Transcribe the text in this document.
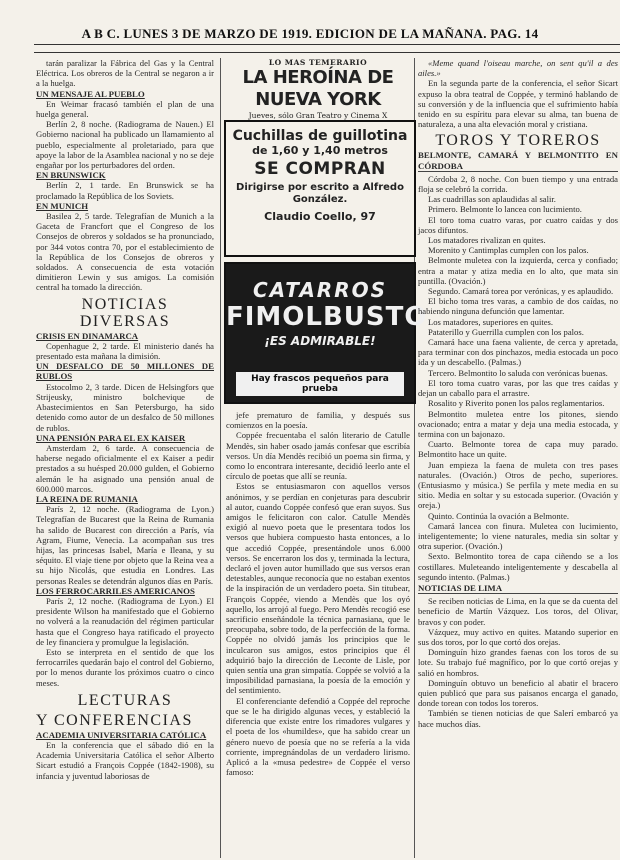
A B C. LUNES 3 DE MARZO DE 1919. EDICION DE LA MAÑANA. PAG. 14

tarán paralizar la Fábrica del Gas y la Central Eléctrica. Los obreros de la Central se negaron a ir a la huelga.

UN MENSAJE AL PUEBLO

En Weimar fracasó también el plan de una huelga general.

Berlín 2, 8 noche. (Radiograma de Nauen.) El Gobierno nacional ha publicado un llamamiento al pueblo, especialmente al proletariado, para que apoye la labor de la Asamblea nacional y no se deje engañar por los perturbadores del orden.

EN BRUNSWICK

Berlín 2, 1 tarde. En Brunswick se ha proclamado la República de los Soviets.

EN MUNICH

Basilea 2, 5 tarde. Telegrafían de Munich a la Gaceta de Francfort que el Congreso de los Consejos de obreros y soldados se ha pronunciado, por 344 votos contra 70, por el establecimiento de la República de los Consejos de obreros y soldados. A consecuencia de esta votación dimitieron Lewin y sus amigos. La comisión central ha tomado la dirección.

NOTICIAS DIVERSAS

CRISIS EN DINAMARCA

Copenhague 2, 2 tarde. El ministerio danés ha presentado esta mañana la dimisión.

UN DESFALCO DE 50 MILLONES DE RUBLOS

Estocolmo 2, 3 tarde. Dicen de Helsingfors que Strijeusky, ministro bolchevique de Abastecimientos en San Petersburgo, ha sido detenido como autor de un desfalco de 50 millones de rublos.

UNA PENSIÓN PARA EL EX KAISER

Amsterdam 2, 6 tarde. A consecuencia de haberse negado oficialmente el ex Kaiser a pedir prestados a su huésped 20.000 gulden, el Gobierno alemán le ha asignado una pensión anual de 600.000 marcos.

LA REINA DE RUMANIA

París 2, 12 noche. (Radiograma de Lyon.) Telegrafían de Bucarest que la Reina de Rumania ha salido de Bucarest con dirección a París, vía Agram, Fiume, Venecia. La acompañan sus tres hijas, las princesas Isabel, María e Ileana, y su séquito. El viaje tiene por objeto que la Reina vea a su hijo Nicolás, que estudia en Londres. Las personas Reales se detendrán algunos días en París.

LOS FERROCARRILES AMERICANOS

París 2, 12 noche. (Radiograma de Lyon.) El presidente Wilson ha manifestado que el Gobierno no volverá a la reanudación del régimen particular hasta que el Congreso haya ratificado el proyecto de ley financiera y promulgue la legislación.

Esto se interpreta en el sentido de que los ferrocarriles quedarán bajo el control del Gobierno, por lo menos durante los próximos cuatro o cinco meses.

LECTURAS
Y CONFERENCIAS

ACADEMIA UNIVERSITARIA CATÓLICA

En la conferencia que el sábado dió en la Academia Universitaria Católica el señor Alberto Sicart estudió a François Coppée (1842-1908), su infancia y juventud laboriosas de

LO MAS TEMERARIO
LA HEROÍNA DE NUEVA YORK
Jueves, sólo Gran Teatro y Cinema X
Cuchillas de guillotina
de 1,60 y 1,40 metros
SE COMPRAN
Dirigirse por escrito a Alfredo González.
Claudio Coello, 97
CATARROS
FIMOLBUSTO
¡ES ADMIRABLE!
Hay frascos pequeños para prueba

jefe prematuro de familia, y después sus comienzos en la poesía.

Coppée frecuentaba el salón literario de Catulle Mendès, sin haber osado jamás confesar que escribía versos. Un día Mendès recibió un poema sin firma, y como lo encontrara interesante, decidió leerlo ante el círculo de poetas que allí se reunía.

Estos se entusiasmaron con aquellos versos anónimos, y se perdían en conjeturas para descubrir al autor, cuando Coppée confesó que eran suyos. Sus amigos le felicitaron con calor. Catulle Mendès exigió al nuevo poeta que le presentara todos los versos que hubiera compuesto hasta entonces, a lo que accedió Coppée, presentándole unos 6.000 versos. Se encerraron los dos y, terminada la lectura, declaró el joven autor humillado que sus versos eran detestables, aunque reconocía que no estaban exentos de la inspiración de un verdadero poeta. Sin titubear, François Coppée, viendo a Mendès que los oyó aquello, los arrojó al fuego. Pero Mendès recogió ese sacrificio enseñándole la técnica parnasiana, que le preocupaba, sobre todo, de la perfección de la forma. Coppée no olvidó jamás los principios que le inculcaron sus amigos, estos principios que él adquirió bajo la dirección de Leconte de Lisle, por quien sentía una gran simpatía. Coppée se volvió a la imposibilidad parnasiana, la poesía de la emoción y del sentimiento.

El conferenciante defendió a Coppée del reproche que se le ha dirigido algunas veces, y estableció la diferencia que existe entre los rimadores vulgares y el poeta de los «humildes», que ha sabido crear un género nuevo de poesía que no se refería a la vida corriente, impregnándolas de un verdadero lirismo. Aplicó a la «musa pedestre» de Coppée el verso famoso:

«Meme quand l'oiseau marche, on sent qu'il a des ailes.»

En la segunda parte de la conferencia, el señor Sicart expuso la obra teatral de Coppée, y terminó hablando de su conversión y de la influencia que el sufrimiento había tenido en su espíritu para elevar su alma, tan buena de naturaleza, a una alta elevación moral y cristiana.

TOROS Y TOREROS
BELMONTE, CAMARÁ Y BELMONTITO EN CÓRDOBA

Córdoba 2, 8 noche. Con buen tiempo y una entrada floja se celebró la corrida.

Las cuadrillas son aplaudidas al salir.

Primero. Belmonte lo lancea con lucimiento.

El toro toma cuatro varas, por cuatro caídas y dos jacos difuntos.

Los matadores rivalizan en quites.

Morenito y Cantimplas cumplen con los palos.

Belmonte muletea con la izquierda, cerca y confiado; entra a matar y atiza media en lo alto, que mata sin puntilla. (Ovación.)

Segundo. Camará torea por verónicas, y es aplaudido.

El bicho toma tres varas, a cambio de dos caídas, no habiendo ninguna defunción que lamentar.

Los matadores, superiores en quites.

Pataterillo y Guerrilla cumplen con los palos.

Camará hace una faena valiente, de cerca y apretada, para terminar con dos pinchazos, media estocada un poco ida y un descabello. (Palmas.)

Tercero. Belmontito lo saluda con verónicas buenas.

El toro toma cuatro varas, por las que tres caídas y dejan un caballo para el arrastre.

Rosalito y Riverito ponen los palos reglamentarios.

Belmontito muletea entre los pitones, siendo ovacionado; entra a matar y deja una media estocada, y termina con un bajonazo.

Cuarto. Belmonte torea de capa muy parado. Belmontito hace un quite.

Juan empieza la faena de muleta con tres pases naturales. (Ovación.) Otros de pecho, superiores. (Entusiasmo y música.) Se perfila y mete media en su sitio. Media en soltar y su estocada superior. (Ovación y oreja.)

Quinto. Continúa la ovación a Belmonte.

Camará lancea con finura. Muletea con lucimiento, inteligentemente; lo viene naturales, media sin soltar y otra superior. (Ovación.)

Sexto. Belmontito torea de capa ciñendo se a los costillares. Muleteando inteligentemente y descabella al segundo intento. (Palmas.)

NOTICIAS DE LIMA

Se reciben noticias de Lima, en la que se da cuenta del beneficio de Martín Vázquez. Los toros, del Olivar, bravos y con poder.

Vázquez, muy activo en quites. Matando superior en sus dos toros, por lo que cortó dos orejas.

Dominguín hizo grandes faenas con los toros de su lote. Su trabajo fué magnífico, por lo que cortó orejas y salió en hombros.

Dominguín obtuvo un beneficio al abatir el bracero quien publicó que para sus paisanos encarga el ganado, donde torean con todos los toreros.

También se tienen noticias de que Salerí embarcó ya hace muchos días.
